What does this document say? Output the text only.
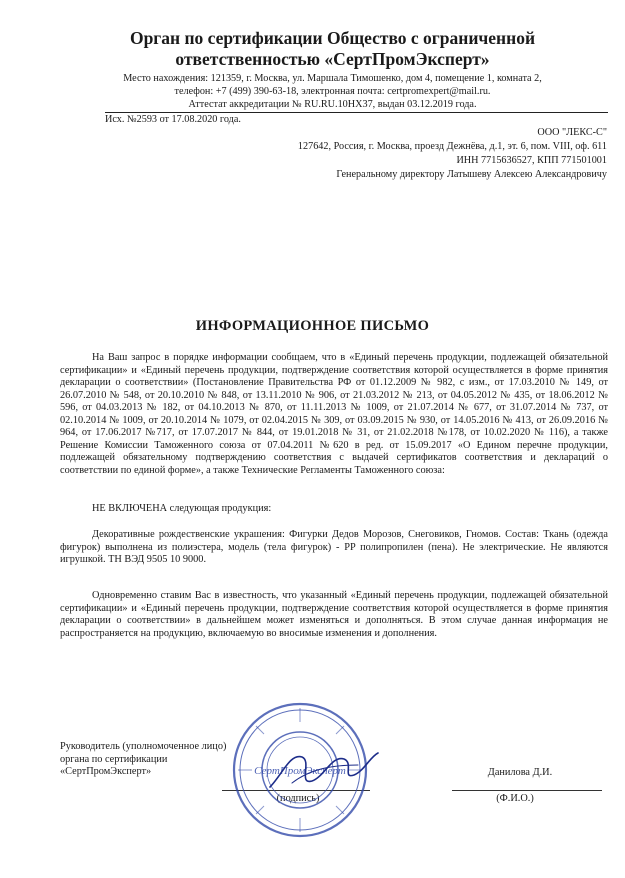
Орган по сертификации Общество с ограниченной
ответственностью «СертПромЭксперт»
Место нахождения: 121359, г. Москва, ул. Маршала Тимошенко, дом 4, помещение 1, комната 2,
телефон: +7 (499) 390-63-18, электронная почта: certpromexpert@mail.ru.
Аттестат аккредитации № RU.RU.10НХ37, выдан 03.12.2019 года.
Исх. №2593 от 17.08.2020 года.
ООО "ЛЕКС-С"
127642, Россия, г. Москва, проезд Дежнёва, д.1, эт. 6, пом. VIII, оф. 611
ИНН 7715636527, КПП 771501001
Генеральному директору Латышеву Алексею Александровичу
ИНФОРМАЦИОННОЕ ПИСЬМО
На Ваш запрос в порядке информации сообщаем, что в «Единый перечень продукции, подлежащей обязательной сертификации» и «Единый перечень продукции, подтверждение соответствия которой осуществляется в форме принятия декларации о соответствии» (Постановление Правительства РФ от 01.12.2009 № 982, с изм., от 17.03.2010 № 149, от 26.07.2010 № 548, от 20.10.2010 № 848, от 13.11.2010 № 906, от 21.03.2012 № 213, от 04.05.2012 № 435, от 18.06.2012 № 596, от 04.03.2013 № 182, от 04.10.2013 № 870, от 11.11.2013 № 1009, от 21.07.2014 № 677, от 31.07.2014 № 737, от 02.10.2014 № 1009, от 20.10.2014 № 1079, от 02.04.2015 № 309, от 03.09.2015 № 930, от 14.05.2016 № 413, от 26.09.2016 № 964, от 17.06.2017 №717, от 17.07.2017 № 844, от 19.01.2018 № 31, от 21.02.2018 №178, от 10.02.2020 № 116), а также Решение Комиссии Таможенного союза от 07.04.2011 №620 в ред. от 15.09.2017 «О Едином перечне продукции, подлежащей обязательному подтверждению соответствия с выдачей сертификатов соответствия и деклараций о соответствии по единой форме», а также Технические Регламенты Таможенного союза:
НЕ ВКЛЮЧЕНА следующая продукция:
Декоративные рождественские украшения: Фигурки Дедов Морозов, Снеговиков, Гномов. Состав: Ткань (одежда фигурок) выполнена из полиэстера, модель (тела фигурок) - PP полипропилен (пена). Не электрические. Не являются игрушкой. ТН ВЭД 9505 10 9000.
Одновременно ставим Вас в известность, что указанный «Единый перечень продукции, подлежащей обязательной сертификации» и «Единый перечень продукции, подтверждение соответствия которой осуществляется в форме принятия декларации о соответствии» в дальнейшем может изменяться и дополняться. В этом случае данная информация не распространяется на продукцию, включаемую во вносимые изменения и дополнения.
Руководитель (уполномоченное лицо) органа по сертификации «СертПромЭксперт»
(подпись)
Данилова Д.И.
(Ф.И.О.)
СертПромЭксперт
